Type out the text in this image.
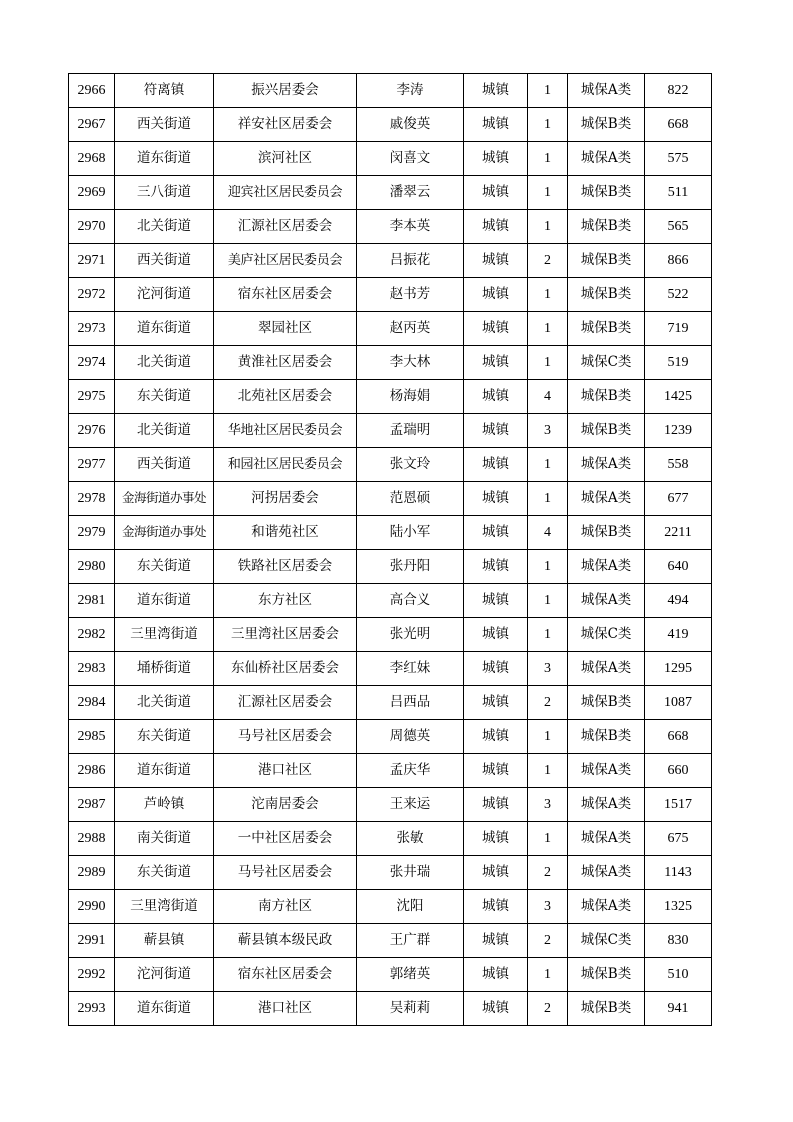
2966	符离镇	振兴居委会	李涛	城镇	1	城保A类	822
2967	西关街道	祥安社区居委会	戚俊英	城镇	1	城保B类	668
2968	道东街道	滨河社区	闵喜文	城镇	1	城保A类	575
2969	三八街道	迎宾社区居民委员会	潘翠云	城镇	1	城保B类	511
2970	北关街道	汇源社区居委会	李本英	城镇	1	城保B类	565
2971	西关街道	美庐社区居民委员会	吕振花	城镇	2	城保B类	866
2972	沱河街道	宿东社区居委会	赵书芳	城镇	1	城保B类	522
2973	道东街道	翠园社区	赵丙英	城镇	1	城保B类	719
2974	北关街道	黄淮社区居委会	李大林	城镇	1	城保C类	519
2975	东关街道	北苑社区居委会	杨海娟	城镇	4	城保B类	1425
2976	北关街道	华地社区居民委员会	孟瑞明	城镇	3	城保B类	1239
2977	西关街道	和园社区居民委员会	张文玲	城镇	1	城保A类	558
2978	金海街道办事处	河拐居委会	范恩硕	城镇	1	城保A类	677
2979	金海街道办事处	和谐苑社区	陆小军	城镇	4	城保B类	2211
2980	东关街道	铁路社区居委会	张丹阳	城镇	1	城保A类	640
2981	道东街道	东方社区	高合义	城镇	1	城保A类	494
2982	三里湾街道	三里湾社区居委会	张光明	城镇	1	城保C类	419
2983	埇桥街道	东仙桥社区居委会	李红妹	城镇	3	城保A类	1295
2984	北关街道	汇源社区居委会	吕西品	城镇	2	城保B类	1087
2985	东关街道	马号社区居委会	周德英	城镇	1	城保B类	668
2986	道东街道	港口社区	孟庆华	城镇	1	城保A类	660
2987	芦岭镇	沱南居委会	王来运	城镇	3	城保A类	1517
2988	南关街道	一中社区居委会	张敏	城镇	1	城保A类	675
2989	东关街道	马号社区居委会	张井瑞	城镇	2	城保A类	1143
2990	三里湾街道	南方社区	沈阳	城镇	3	城保A类	1325
2991	蕲县镇	蕲县镇本级民政	王广群	城镇	2	城保C类	830
2992	沱河街道	宿东社区居委会	郭绪英	城镇	1	城保B类	510
2993	道东街道	港口社区	吴莉莉	城镇	2	城保B类	941
